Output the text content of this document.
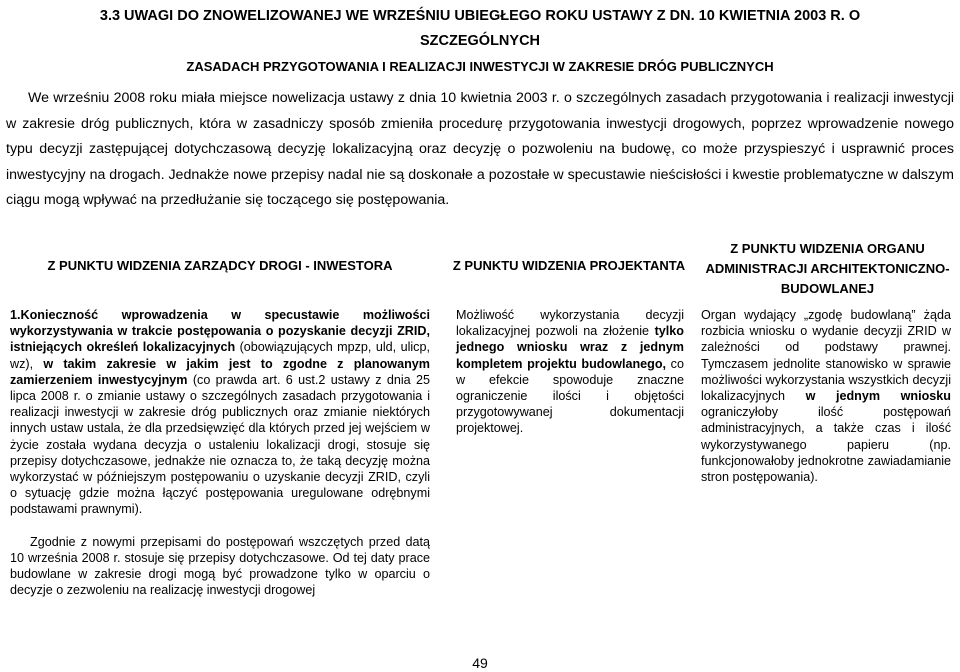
3.3 UWAGI DO ZNOWELIZOWANEJ WE WRZEŚNIU UBIEGŁEGO ROKU USTAWY Z DN. 10 KWIETNIA 2003 R. O SZCZEGÓLNYCH
ZASADACH PRZYGOTOWANIA I REALIZACJI INWESTYCJI W ZAKRESIE DRÓG PUBLICZNYCH

We wrześniu 2008 roku miała miejsce nowelizacja ustawy z dnia 10 kwietnia 2003 r. o szczególnych zasadach przygotowania i realizacji inwestycji w zakresie dróg publicznych, która w zasadniczy sposób zmieniła procedurę przygotowania inwestycji drogowych, poprzez wprowadzenie nowego typu decyzji zastępującej dotychczasową decyzję lokalizacyjną oraz decyzję o pozwoleniu na budowę, co może przyspieszyć i usprawnić proces inwestycyjny na drogach. Jednakże nowe przepisy nadal nie są doskonałe a pozostałe w specustawie nieścisłości i kwestie problematyczne w dalszym ciągu mogą wpływać na przedłużanie się toczącego się postępowania.

Z PUNKTU WIDZENIA ZARZĄDCY DROGI - INWESTORA	Z PUNKTU WIDZENIA PROJEKTANTA
Z PUNKTU WIDZENIA ORGANU ADMINISTRACJI ARCHITEKTONICZNO-BUDOWLANEJ

1.Konieczność wprowadzenia w specustawie możliwości wykorzystywania w trakcie postępowania o pozyskanie decyzji ZRID, istniejących określeń lokalizacyjnych (obowiązujących mpzp, uld, ulicp, wz), w takim zakresie w jakim jest to zgodne z planowanym zamierzeniem inwestycyjnym (co prawda art. 6 ust.2 ustawy z dnia 25 lipca 2008 r. o zmianie ustawy o szczególnych zasadach przygotowania i realizacji inwestycji w zakresie dróg publicznych oraz zmianie niektórych innych ustaw ustala, że dla przedsięwzięć dla których przed jej wejściem w życie została wydana decyzja o ustaleniu lokalizacji drogi, stosuje się przepisy dotychczasowe, jednakże nie oznacza to, że taką decyzję można wykorzystać w późniejszym postępowaniu o uzyskanie decyzji ZRID, czyli o sytuację gdzie można łączyć postępowania uregulowane odrębnymi podstawami prawnymi).

Zgodnie z nowymi przepisami do postępowań wszczętych przed datą 10 września 2008 r. stosuje się przepisy dotychczasowe. Od tej daty prace budowlane w zakresie drogi mogą być prowadzone tylko w oparciu o decyzje o zezwoleniu na realizację inwestycji drogowej

Możliwość wykorzystania decyzji lokalizacyjnej pozwoli na złożenie tylko jednego wniosku wraz z jednym kompletem projektu budowlanego, co w efekcie spowoduje znaczne ograniczenie ilości i objętości przygotowywanej dokumentacji projektowej.

Organ wydający „zgodę budowlaną” żąda rozbicia wniosku o wydanie decyzji ZRID w zależności od podstawy prawnej. Tymczasem jednolite stanowisko w sprawie możliwości wykorzystania wszystkich decyzji lokalizacyjnych w jednym wniosku ograniczyłoby ilość postępowań administracyjnych, a także czas i ilość wykorzystywanego papieru (np. funkcjonowałoby jednokrotne zawiadamianie stron postępowania).

49
